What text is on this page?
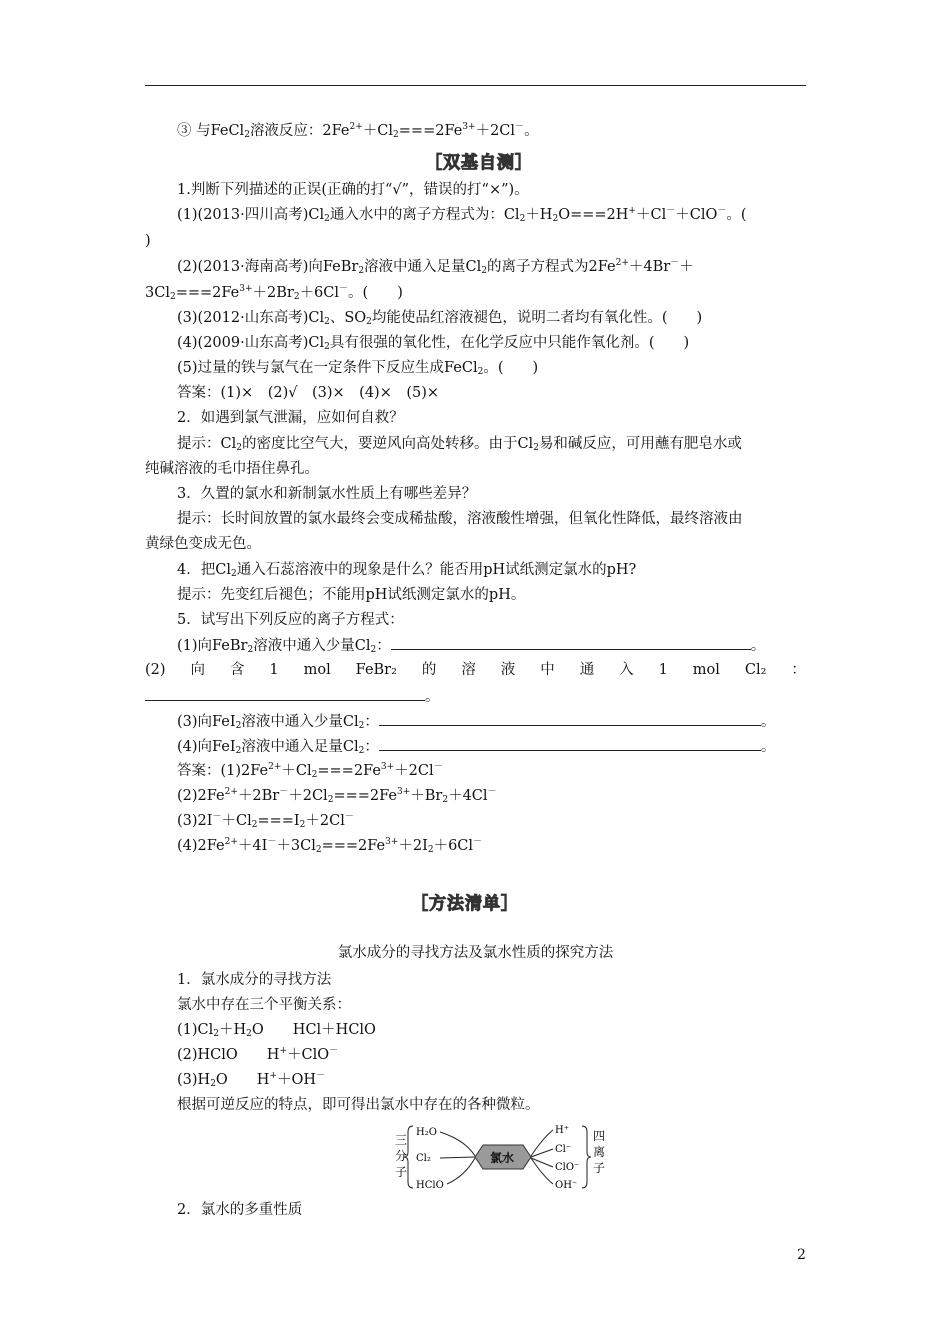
③ 与FeCl$_2$溶液反应：$2Fe^{2+}+Cl_2===2Fe^{3+}+2Cl^-$。
［双基自测］
1.判断下列描述的正误(正确的打“√”，错误的打“×”)。
(1)(2013·四川高考)$Cl_2$通入水中的离子方程式为：$Cl_2+H_2O===2H^++Cl^-+ClO^-$。(
)
(2)(2013·海南高考)向FeBr$_2$溶液中通入足量$Cl_2$的离子方程式为$2Fe^{2+}+4Br^-+$
$3Cl_2===2Fe^{3+}+2Br_2+6Cl^-$。(　　)
(3)(2012·山东高考)$Cl_2$、$SO_2$均能使品红溶液褪色，说明二者均有氧化性。(　　)
(4)(2009·山东高考)$Cl_2$具有很强的氧化性，在化学反应中只能作氧化剂。(　　)
(5)过量的铁与氯气在一定条件下反应生成FeCl$_2$。(　　)
答案：(1)×　(2)√　(3)×　(4)×　(5)×
2．如遇到氯气泄漏，应如何自救？
提示：$Cl_2$的密度比空气大，要逆风向高处转移。由于$Cl_2$易和碱反应，可用蘸有肥皂水或
纯碱溶液的毛巾捂住鼻孔。
3．久置的氯水和新制氯水性质上有哪些差异？
提示：长时间放置的氯水最终会变成稀盐酸，溶液酸性增强，但氧化性降低，最终溶液由
黄绿色变成无色。
4．把$Cl_2$通入石蕊溶液中的现象是什么？能否用pH试纸测定氯水的pH?
提示：先变红后褪色；不能用pH试纸测定氯水的pH。
5．试写出下列反应的离子方程式：
(1)向FeBr$_2$溶液中通入少量$Cl_2$：	。
(2) 向 含 1 mol FeBr₂ 的 溶 液 中 通 入 1 mol Cl₂ ：
。
(3)向FeI$_2$溶液中通入少量$Cl_2$：	。
(4)向FeI$_2$溶液中通入足量$Cl_2$：	。
答案：$(1)2Fe^{2+}+Cl_2===2Fe^{3+}+2Cl^-$
$(2)2Fe^{2+}+2Br^-+2Cl_2===2Fe^{3+}+Br_2+4Cl^-$
$(3)2I^-+Cl_2===I_2+2Cl^-$
$(4)2Fe^{2+}+4I^-+3Cl_2===2Fe^{3+}+2I_2+6Cl^-$
［方法清单］
氯水成分的寻找方法及氯水性质的探究方法
1．氯水成分的寻找方法
氯水中存在三个平衡关系：
$(1)Cl_2+H_2O$　　HCl＋HClO
(2)HClO　　H+＋ClO－
$(3)H_2O$　　H+＋OH－
根据可逆反应的特点，即可得出氯水中存在的各种微粒。
三
分
子
H₂O
Cl₂
HClO
氯水
H⁺
Cl⁻
ClO⁻
OH⁻
四
离
子
2．氯水的多重性质
2
